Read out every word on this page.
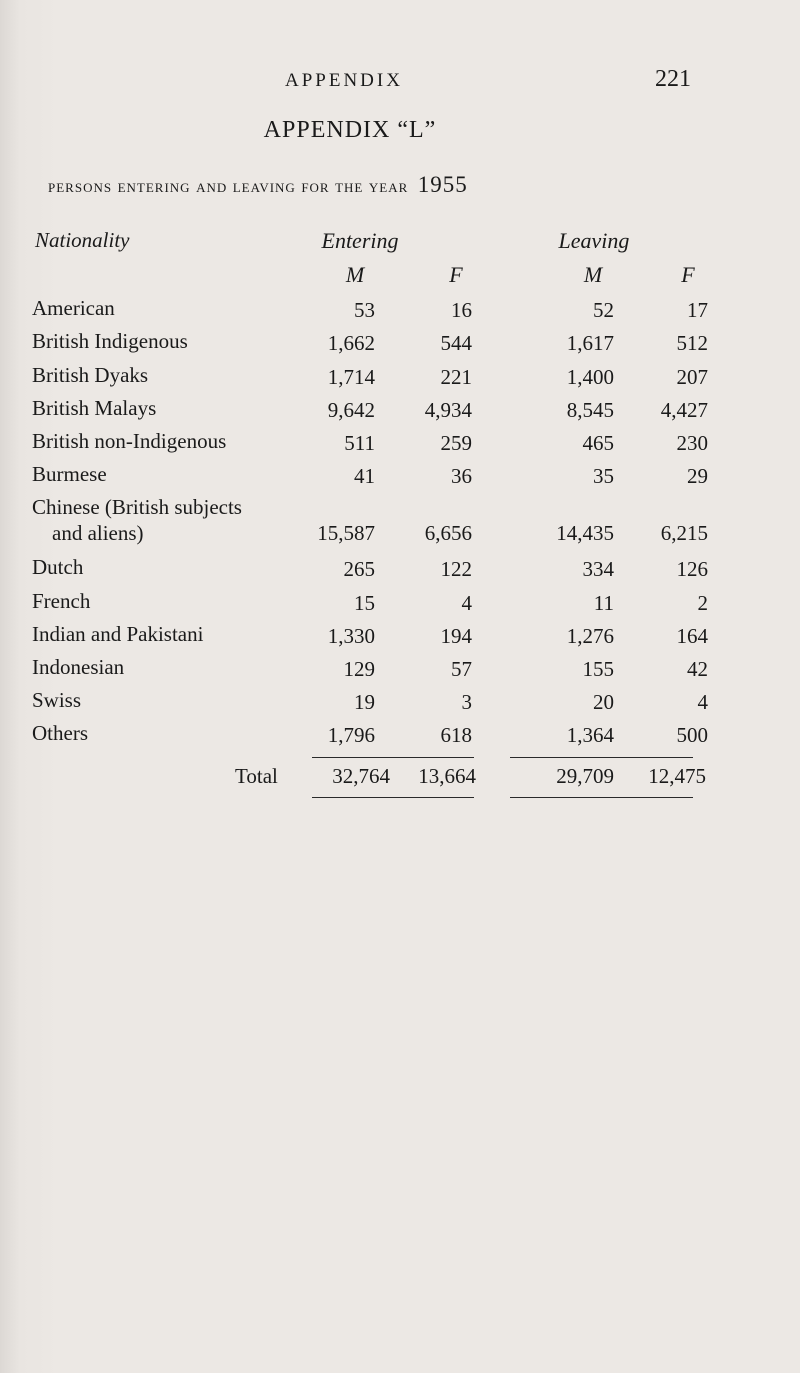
APPENDIX	221
APPENDIX “L”
persons entering and leaving for the year 1955
Nationality	Entering	Leaving
M	F	M	F
American	53	16	52	17
British Indigenous	1,662	544	1,617	512
British Dyaks	1,714	221	1,400	207
British Malays	9,642	4,934	8,545	4,427
British non-Indigenous	511	259	465	230
Burmese	41	36	35	29
Chinese (British subjects
and aliens)	15,587	6,656	14,435	6,215
Dutch	265	122	334	126
French	15	4	11	2
Indian and Pakistani	1,330	194	1,276	164
Indonesian	129	57	155	42
Swiss	19	3	20	4
Others	1,796	618	1,364	500
Total	32,764	13,664	29,709	12,475
